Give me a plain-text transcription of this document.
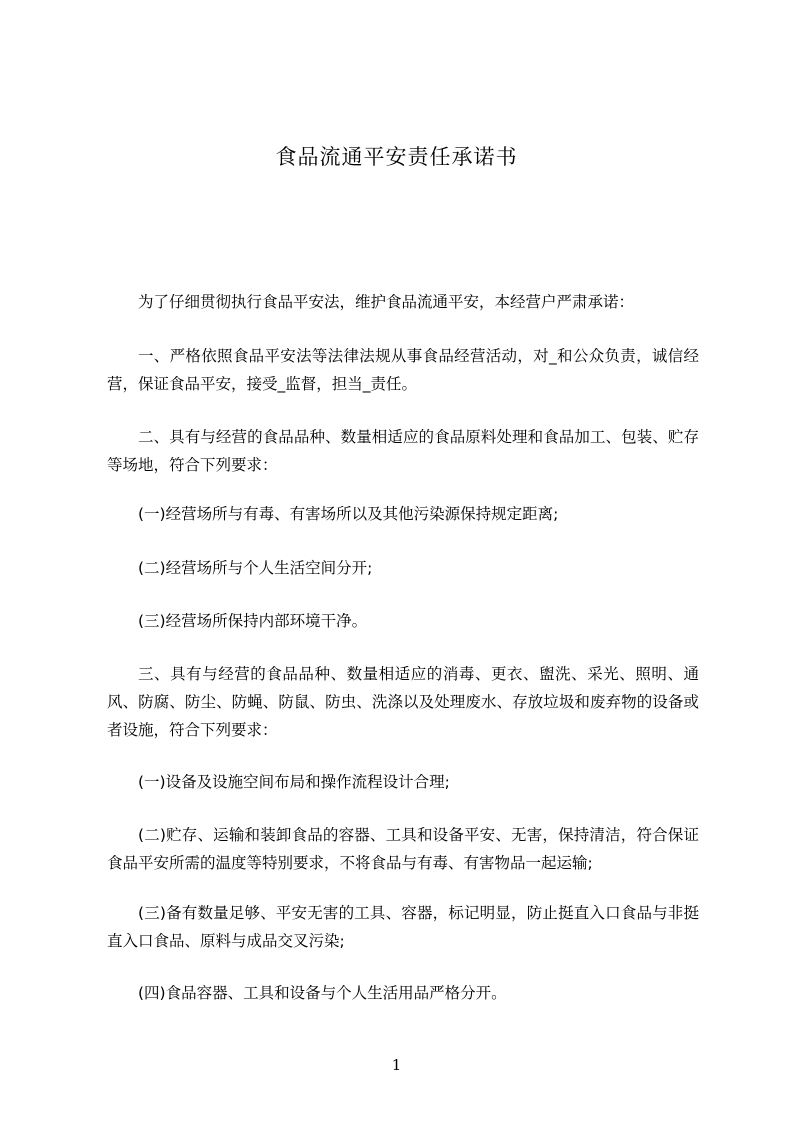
食品流通平安责任承诺书

为了仔细贯彻执行食品平安法，维护食品流通平安，本经营户严肃承诺：

一、严格依照食品平安法等法律法规从事食品经营活动，对_和公众负责，诚信经营，保证食品平安，接受_监督，担当_责任。

二、具有与经营的食品品种、数量相适应的食品原料处理和食品加工、包装、贮存等场地，符合下列要求：

(一)经营场所与有毒、有害场所以及其他污染源保持规定距离;

(二)经营场所与个人生活空间分开;

(三)经营场所保持内部环境干净。

三、具有与经营的食品品种、数量相适应的消毒、更衣、盥洗、采光、照明、通风、防腐、防尘、防蝇、防鼠、防虫、洗涤以及处理废水、存放垃圾和废弃物的设备或者设施，符合下列要求：

(一)设备及设施空间布局和操作流程设计合理;

(二)贮存、运输和装卸食品的容器、工具和设备平安、无害，保持清洁，符合保证食品平安所需的温度等特别要求，不将食品与有毒、有害物品一起运输;

(三)备有数量足够、平安无害的工具、容器，标记明显，防止挺直入口食品与非挺直入口食品、原料与成品交叉污染;

(四)食品容器、工具和设备与个人生活用品严格分开。

1
